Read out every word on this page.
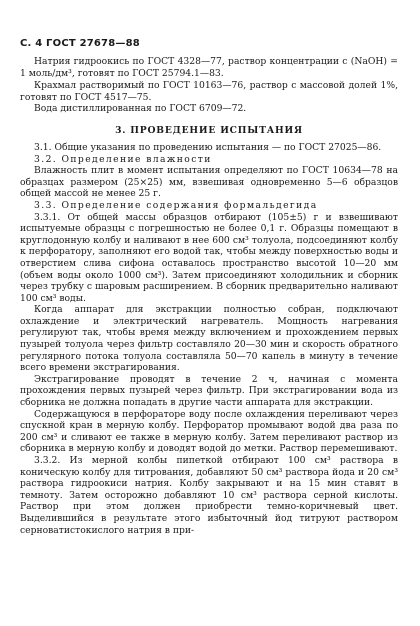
С. 4 ГОСТ 27678—88

Натрия гидроокись по ГОСТ 4328—77, раствор концентрации с (NaOH) = 1 моль/дм³, готовят по ГОСТ 25794.1—83.

Крахмал растворимый по ГОСТ 10163—76, раствор с массовой долей 1%, готовят по ГОСТ 4517—75.

Вода дистиллированная по ГОСТ 6709—72.

3. ПРОВЕДЕНИЕ ИСПЫТАНИЯ

3.1. Общие указания по проведению испытания — по ГОСТ 27025—86.

3.2. Определение влажности

Влажность плит в момент испытания определяют по ГОСТ 10634—78 на образцах размером (25×25) мм, взвешивая одновременно 5—6 образцов общей массой не менее 25 г.

3.3. Определение содержания формальдегида

3.3.1. От общей массы образцов отбирают (105±5) г и взвешивают испытуемые образцы с погрешностью не более 0,1 г. Образцы помещают в круглодонную колбу и наливают в нее 600 см³ толуола, подсоединяют колбу к перфоратору, заполняют его водой так, чтобы между поверхностью воды и отверстием слива сифона оставалось пространство высотой 10—20 мм (объем воды около 1000 см³). Затем присоединяют холодильник и сборник через трубку с шаровым расширением. В сборник предварительно наливают 100 см³ воды.

Когда аппарат для экстракции полностью собран, подключают охлаждение и электрический нагреватель. Мощность нагревания регулируют так, чтобы время между включением и прохождением первых пузырей толуола через фильтр составляло 20—30 мин и скорость обратного регулярного потока толуола составляла 50—70 капель в минуту в течение всего времени экстрагирования.

Экстрагирование проводят в течение 2 ч, начиная с момента прохождения первых пузырей через фильтр. При экстрагировании вода из сборника не должна попадать в другие части аппарата для экстракции.

Содержащуюся в перфораторе воду после охлаждения переливают через спускной кран в мерную колбу. Перфоратор промывают водой два раза по 200 см³ и сливают ее также в мерную колбу. Затем переливают раствор из сборника в мерную колбу и доводят водой до метки. Раствор перемешивают.

3.3.2. Из мерной колбы пипеткой отбирают 100 см³ раствора в коническую колбу для титрования, добавляют 50 см³ раствора йода и 20 см³ раствора гидроокиси натрия. Колбу закрывают и на 15 мин ставят в темноту. Затем осторожно добавляют 10 см³ раствора серной кислоты. Раствор при этом должен приобрести темно-коричневый цвет. Выделившийся в результате этого избыточный йод титруют раствором серноватистокислого натрия в при-
